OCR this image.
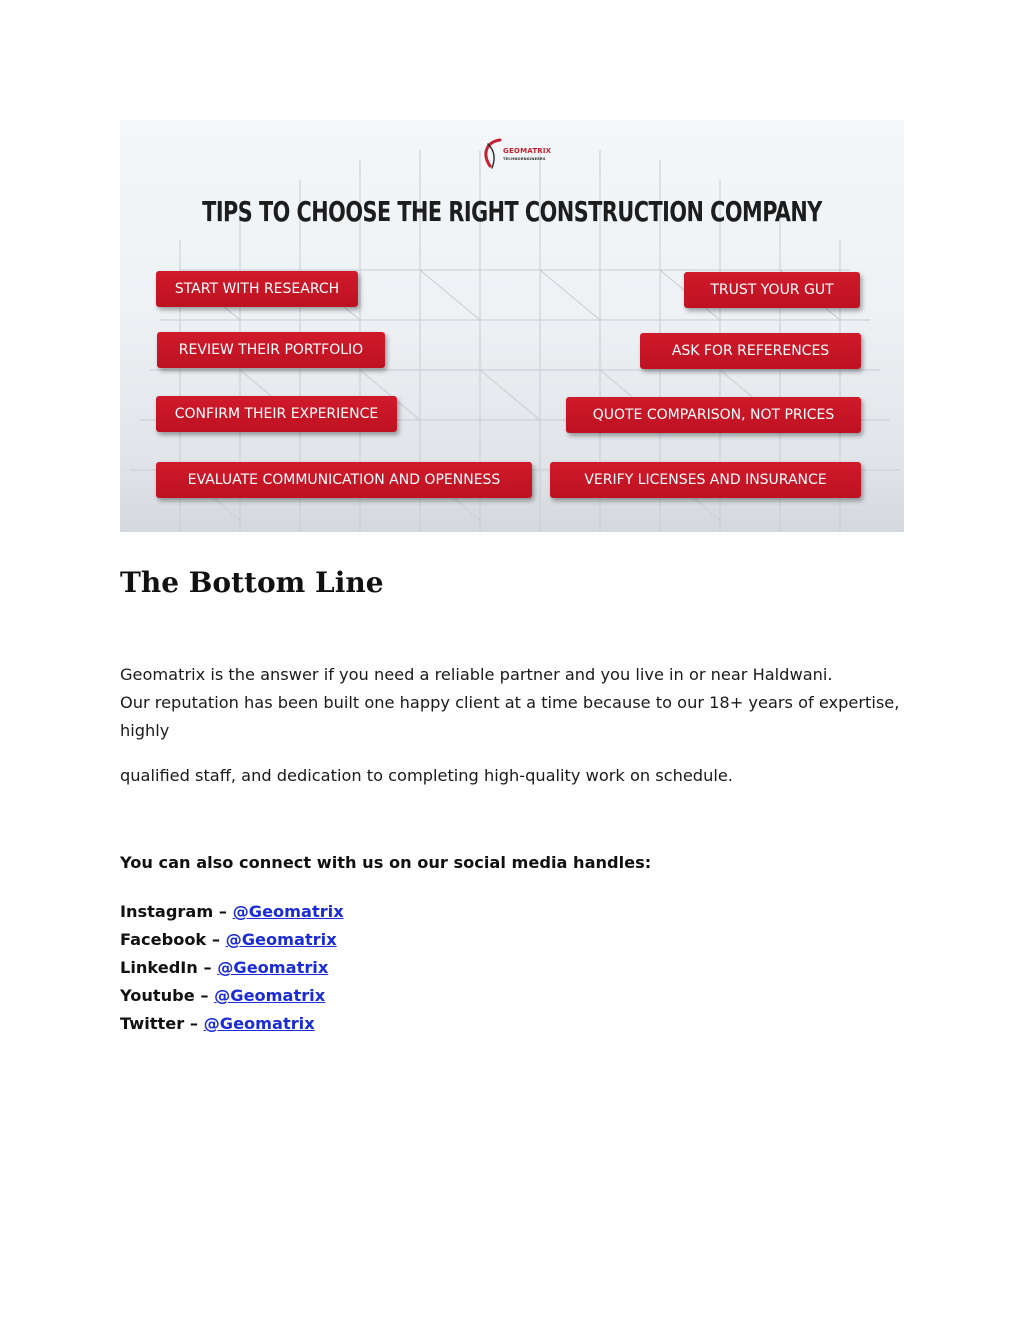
GEOMATRIX
TECHNOENGINEERS
TIPS TO CHOOSE THE RIGHT CONSTRUCTION COMPANY
START WITH RESEARCH
REVIEW THEIR PORTFOLIO
CONFIRM THEIR EXPERIENCE
EVALUATE COMMUNICATION AND OPENNESS
TRUST YOUR GUT
ASK FOR REFERENCES
QUOTE COMPARISON, NOT PRICES
VERIFY LICENSES AND INSURANCE
The Bottom Line
Geomatrix is the answer if you need a reliable partner and you live in or near Haldwani.
Our reputation has been built one happy client at a time because to our 18+ years of expertise,
highly

qualified staff, and dedication to completing high-quality work on schedule.

You can also connect with us on our social media handles:

Instagram – @Geomatrix
Facebook – @Geomatrix
LinkedIn – @Geomatrix
Youtube – @Geomatrix
Twitter – @Geomatrix
